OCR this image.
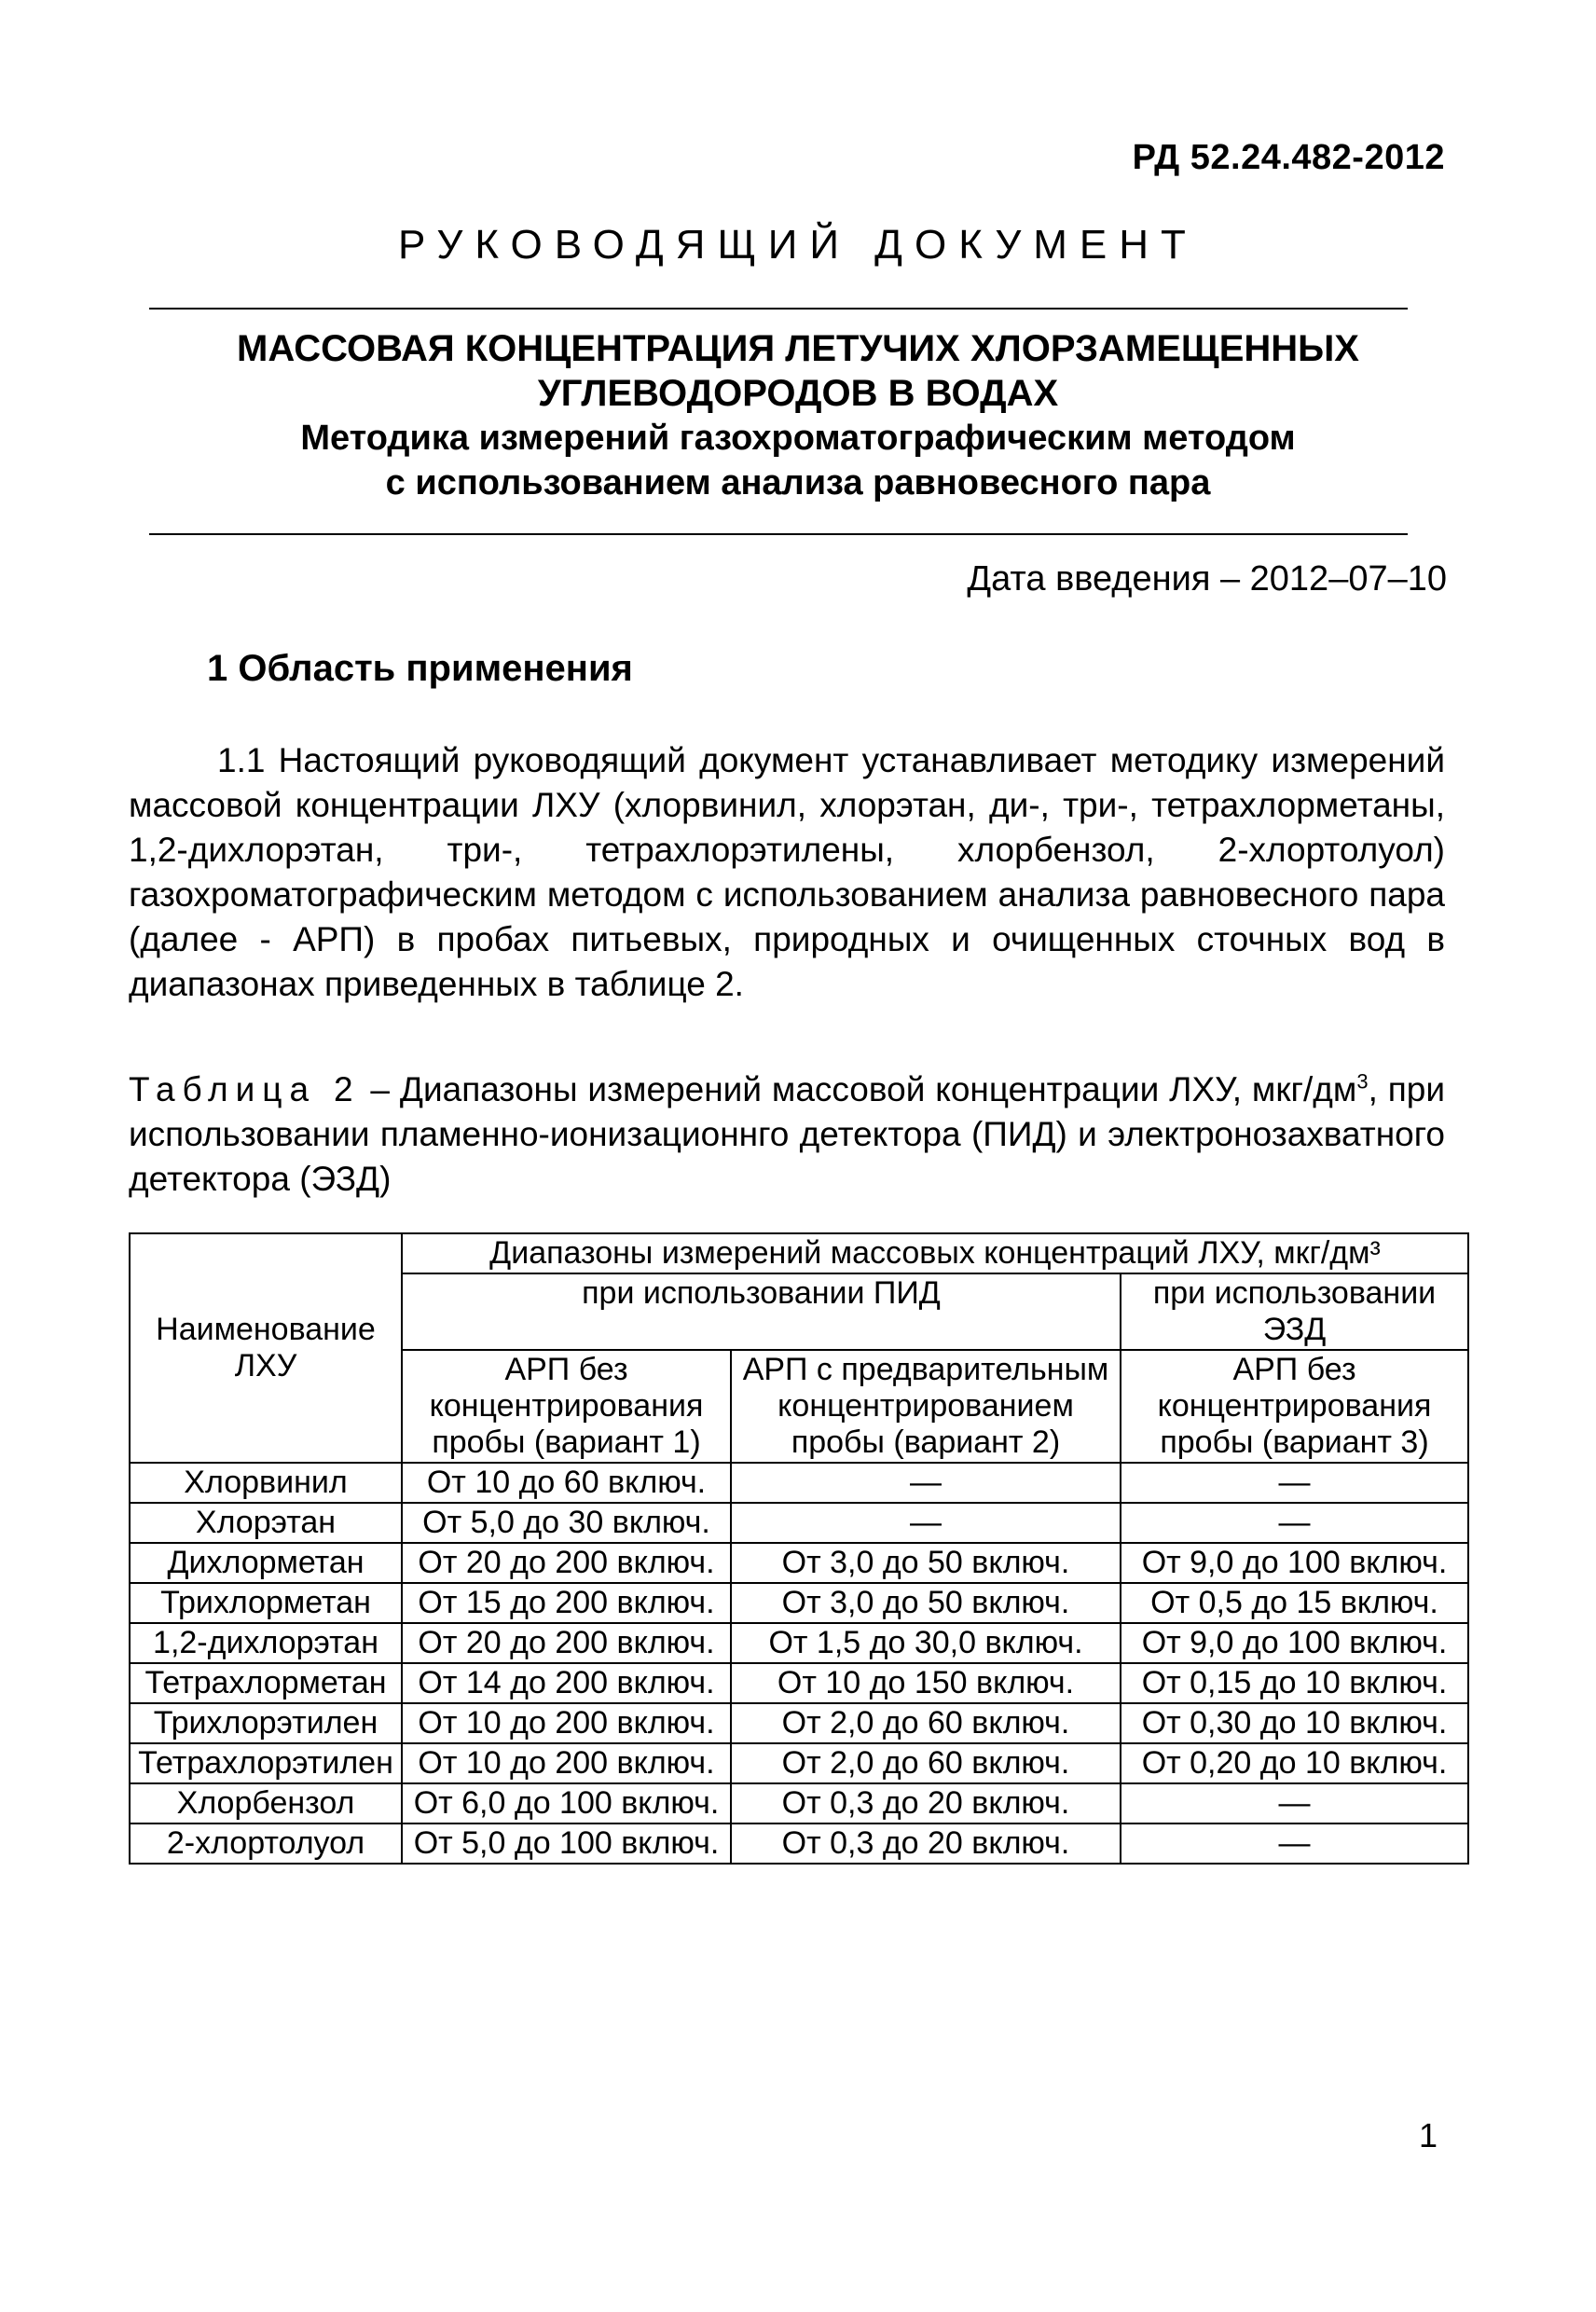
РД 52.24.482-2012
РУКОВОДЯЩИЙ ДОКУМЕНТ
МАССОВАЯ КОНЦЕНТРАЦИЯ ЛЕТУЧИХ ХЛОРЗАМЕЩЕННЫХ
УГЛЕВОДОРОДОВ В ВОДАХ
Методика измерений газохроматографическим методом
с использованием анализа равновесного пара
Дата введения – 2012–07–10
1 Область применения
1.1 Настоящий руководящий документ устанавливает методику измерений массовой концентрации ЛХУ (хлорвинил, хлорэтан, ди-, три-, тетрахлорметаны, 1,2-дихлорэтан, три-, тетрахлорэтилены, хлорбензол, 2-хлортолуол) газохроматографическим методом с использованием анализа равновесного пара (далее - АРП) в пробах питьевых, природных и очищенных сточных вод в диапазонах приведенных в таблице 2.
Таблица 2 – Диапазоны измерений массовой концентрации ЛХУ, мкг/$дм^3$, при использовании пламенно-ионизационнго детектора (ПИД) и электронозахватного детектора (ЭЗД)
Наименование ЛХУ	Диапазоны измерений массовых концентраций ЛХУ, мкг/дм³		
	при использовании ПИД		при использовании ЭЗД
	АРП без концентрирования пробы (вариант 1)	АРП с предварительным концентрированием пробы (вариант 2)	АРП без концентрирования пробы (вариант 3)
Хлорвинил	От 10 до 60 включ.	—	—
Хлорэтан	От 5,0 до 30 включ.	—	—
Дихлорметан	От 20 до 200 включ.	От 3,0 до 50 включ.	От 9,0 до 100 включ.
Трихлорметан	От 15 до 200 включ.	От 3,0 до 50 включ.	От 0,5 до 15 включ.
1,2-дихлорэтан	От 20 до 200 включ.	От 1,5 до 30,0 включ.	От 9,0 до 100 включ.
Тетрахлорметан	От 14 до 200 включ.	От 10 до 150 включ.	От 0,15 до 10 включ.
Трихлорэтилен	От 10 до 200 включ.	От 2,0 до 60 включ.	От 0,30 до 10 включ.
Тетрахлорэтилен	От 10 до 200 включ.	От 2,0 до 60 включ.	От 0,20 до 10 включ.
Хлорбензол	От 6,0 до 100 включ.	От 0,3 до 20 включ.	—
2-хлортолуол	От 5,0 до 100 включ.	От 0,3 до 20 включ.	—
1
